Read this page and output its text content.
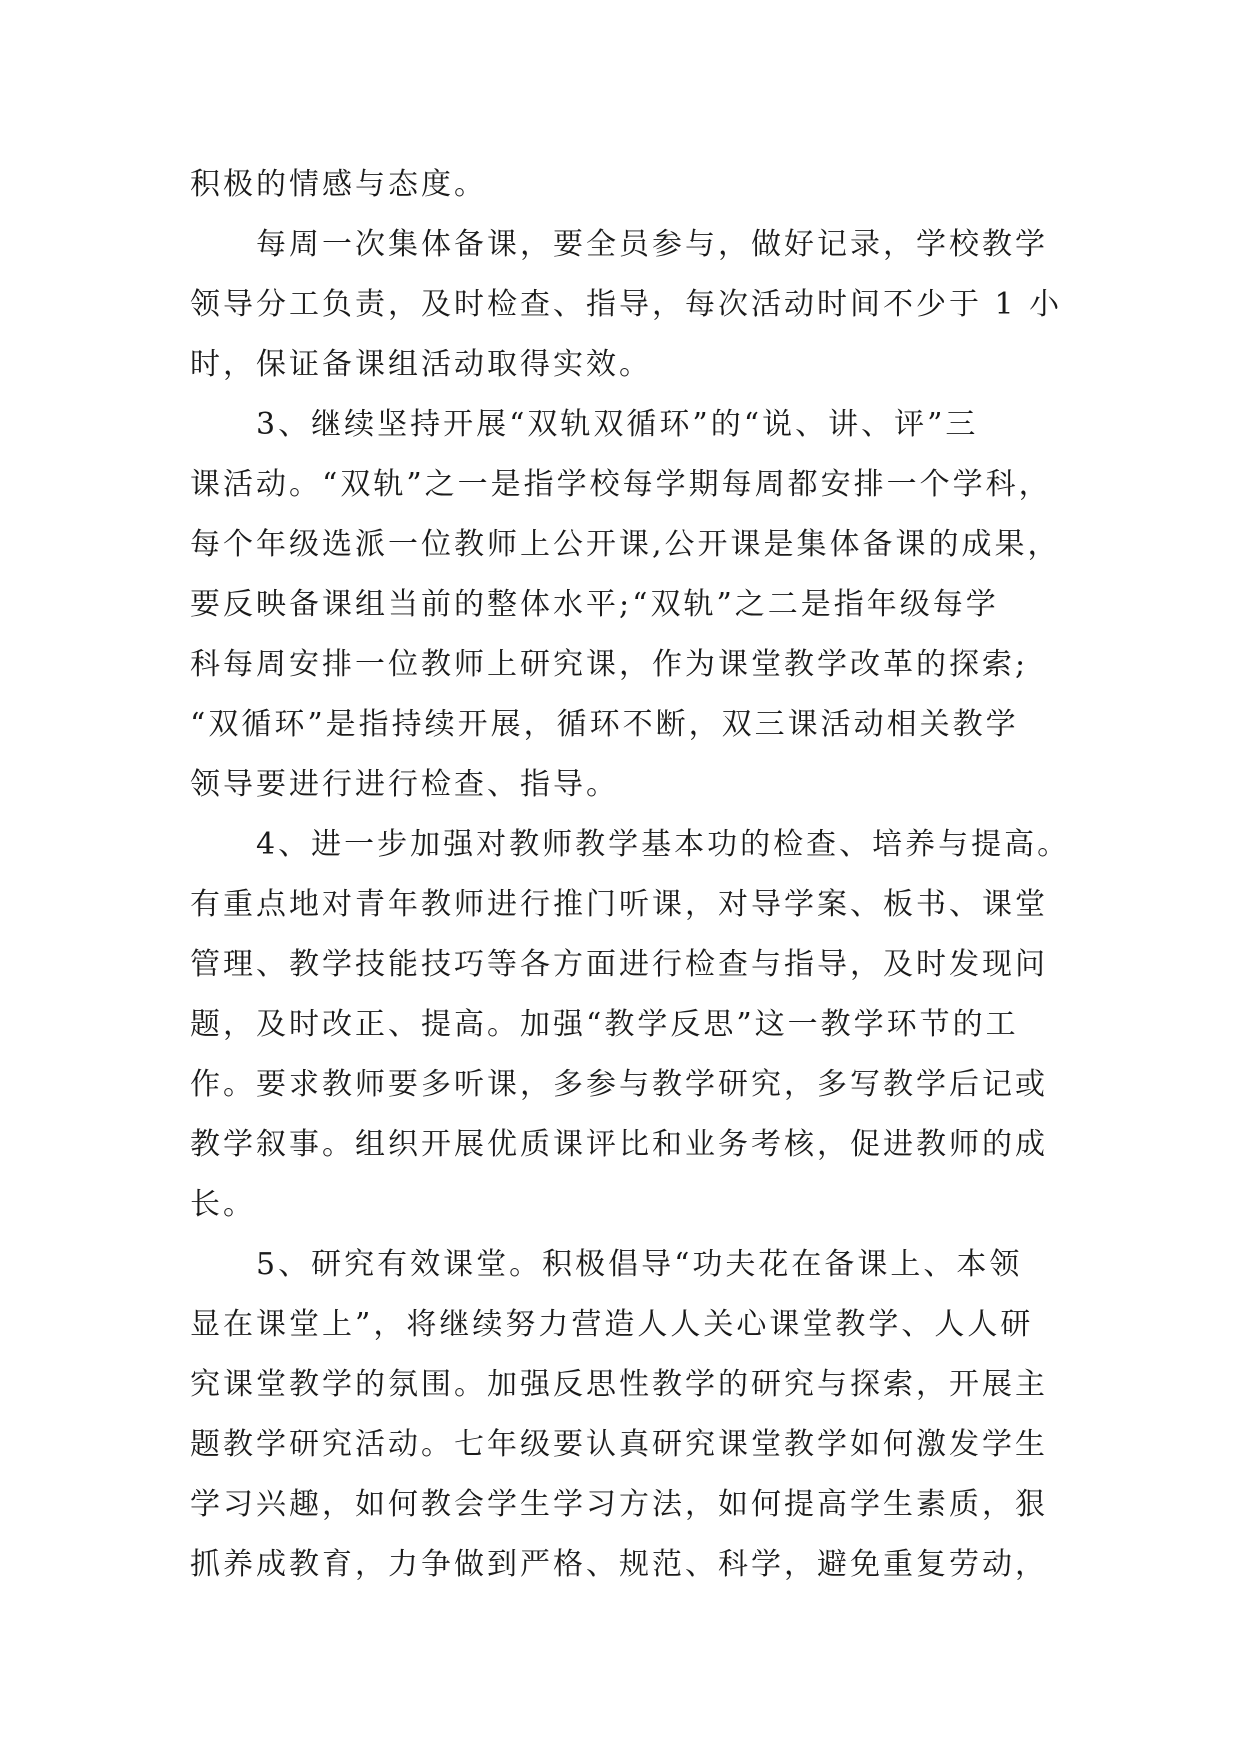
积极的情感与态度。
每周一次集体备课，要全员参与，做好记录，学校教学
领导分工负责，及时检查、指导，每次活动时间不少于 1 小
时，保证备课组活动取得实效。
3、继续坚持开展“双轨双循环”的“说、讲、评”三
课活动。“双轨”之一是指学校每学期每周都安排一个学科，
每个年级选派一位教师上公开课,公开课是集体备课的成果，
要反映备课组当前的整体水平;“双轨”之二是指年级每学
科每周安排一位教师上研究课，作为课堂教学改革的探索;
“双循环”是指持续开展，循环不断，双三课活动相关教学
领导要进行进行检查、指导。
4、进一步加强对教师教学基本功的检查、培养与提高。
有重点地对青年教师进行推门听课，对导学案、板书、课堂
管理、教学技能技巧等各方面进行检查与指导，及时发现问
题，及时改正、提高。加强“教学反思”这一教学环节的工
作。要求教师要多听课，多参与教学研究，多写教学后记或
教学叙事。组织开展优质课评比和业务考核，促进教师的成
长。
5、研究有效课堂。积极倡导“功夫花在备课上、本领
显在课堂上”，将继续努力营造人人关心课堂教学、人人研
究课堂教学的氛围。加强反思性教学的研究与探索，开展主
题教学研究活动。七年级要认真研究课堂教学如何激发学生
学习兴趣，如何教会学生学习方法，如何提高学生素质，狠
抓养成教育，力争做到严格、规范、科学，避免重复劳动，
